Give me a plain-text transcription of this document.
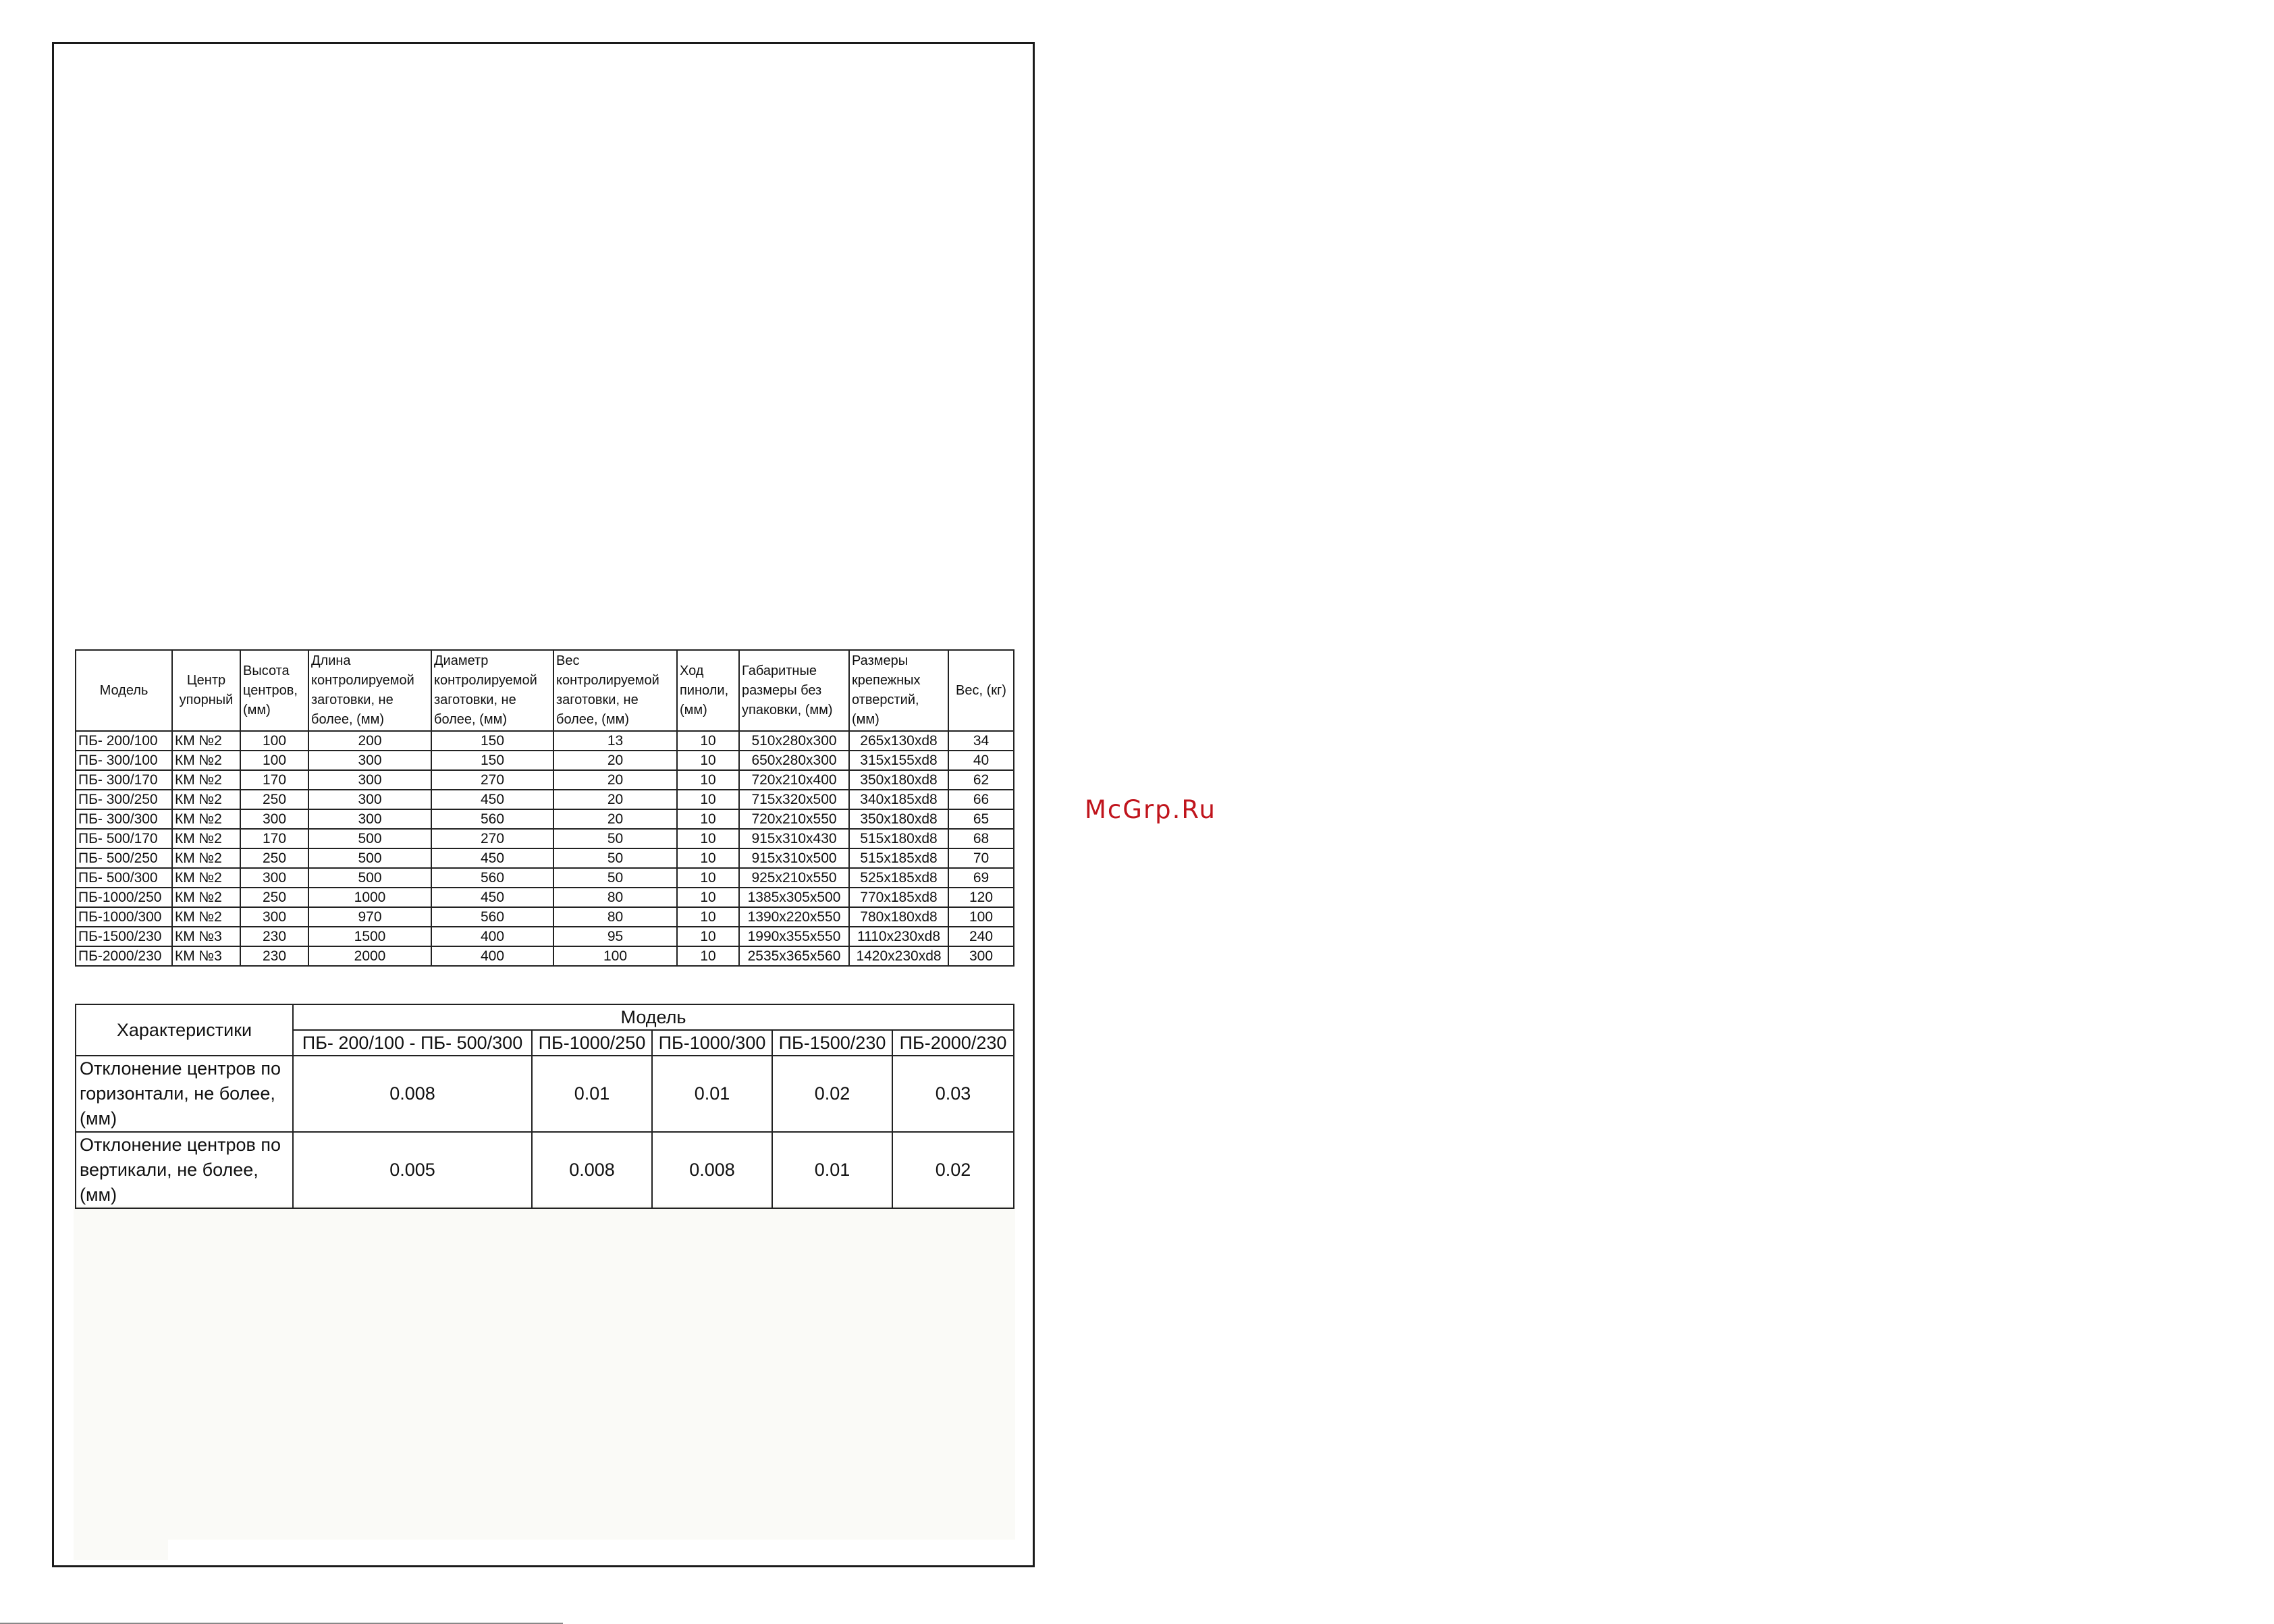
Модель	Центр упорный	Высота центров, (мм)	Длина контролируемой заготовки, не более, (мм)	Диаметр контролируемой заготовки, не более, (мм)	Вес контролируемой заготовки, не более, (мм)	Ход пиноли, (мм)	Габаритные размеры без упаковки, (мм)	Размеры крепежных отверстий, (мм)	Вес, (кг)
ПБ- 200/100	КМ №2	100	200	150	13	10	510x280x300	265x130xd8	34
ПБ- 300/100	КМ №2	100	300	150	20	10	650x280x300	315x155xd8	40
ПБ- 300/170	КМ №2	170	300	270	20	10	720x210x400	350x180xd8	62
ПБ- 300/250	КМ №2	250	300	450	20	10	715x320x500	340x185xd8	66
ПБ- 300/300	КМ №2	300	300	560	20	10	720x210x550	350x180xd8	65
ПБ- 500/170	КМ №2	170	500	270	50	10	915x310x430	515x180xd8	68
ПБ- 500/250	КМ №2	250	500	450	50	10	915x310x500	515x185xd8	70
ПБ- 500/300	КМ №2	300	500	560	50	10	925x210x550	525x185xd8	69
ПБ-1000/250	КМ №2	250	1000	450	80	10	1385x305x500	770x185xd8	120
ПБ-1000/300	КМ №2	300	970	560	80	10	1390x220x550	780x180xd8	100
ПБ-1500/230	КМ №3	230	1500	400	95	10	1990x355x550	1110x230xd8	240
ПБ-2000/230	КМ №3	230	2000	400	100	10	2535x365x560	1420x230xd8	300
Характеристики	Модель				
	ПБ- 200/100 - ПБ- 500/300	ПБ-1000/250	ПБ-1000/300	ПБ-1500/230	ПБ-2000/230
Отклонение центров по горизонтали, не более, (мм)	0.008	0.01	0.01	0.02	0.03
Отклонение центров по вертикали, не более, (мм)	0.005	0.008	0.008	0.01	0.02
McGrp.Ru
